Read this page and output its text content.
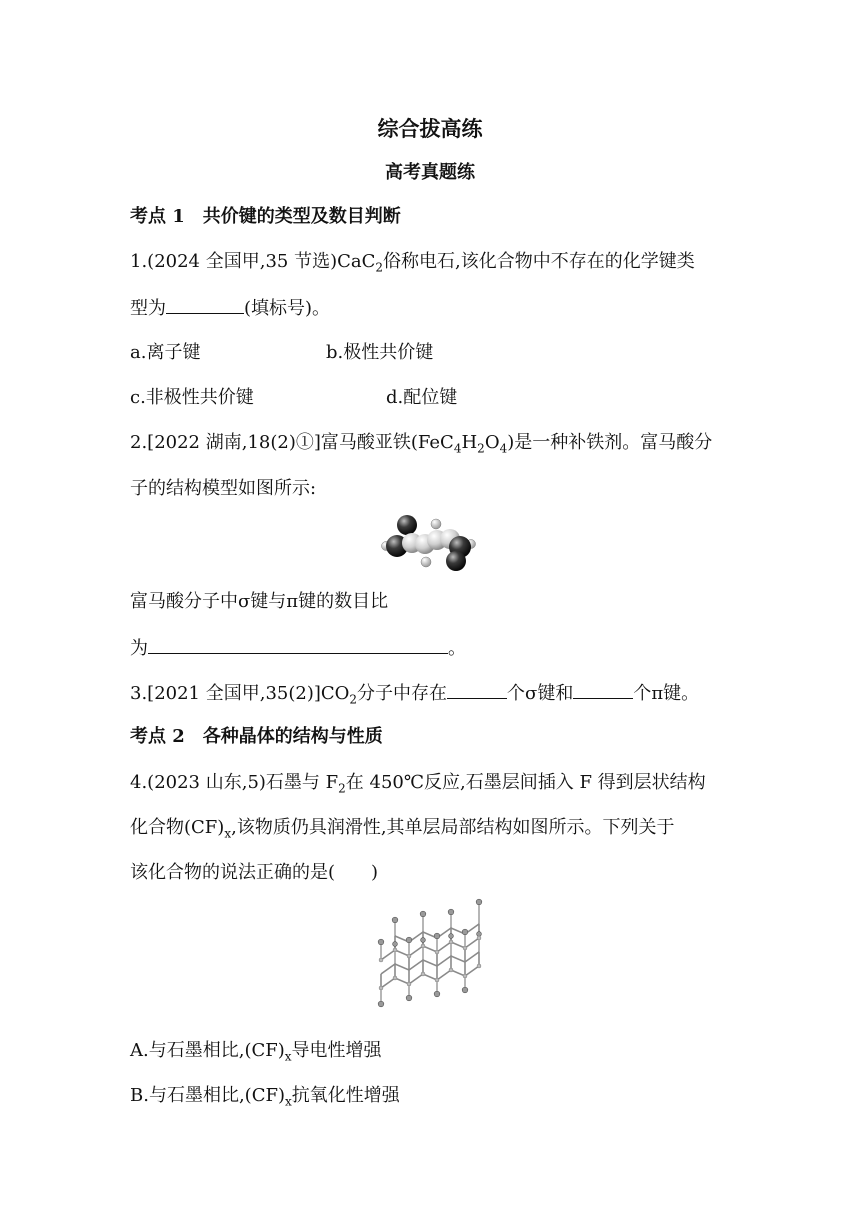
综合拔高练
高考真题练
考点 1　共价键的类型及数目判断
1.(2024 全国甲,35 节选)CaC$_2$俗称电石,该化合物中不存在的化学键类
型为	(填标号)。
a.离子键	b.极性共价键
c.非极性共价键	d.配位键
2.[2022 湖南,18(2)①]富马酸亚铁$(FeC_4H_2O_4)$是一种补铁剂。富马酸分
子的结构模型如图所示:
富马酸分子中σ键与π键的数目比
为	。
3.[2021 全国甲$,35(2)]CO_2$分子中存在	个σ键和	个π键。
考点 2　各种晶体的结构与性质
4.(2023 山东,5)石墨与 $F_2$在 450℃反应,石墨层间插入 F 得到层状结构
化合物$(CF)_x$,该物质仍具润滑性,其单层局部结构如图所示。下列关于
该化合物的说法正确的是(　　)
A.与石墨相比$,(CF)_x$导电性增强
B.与石墨相比$,(CF)_x$抗氧化性增强
